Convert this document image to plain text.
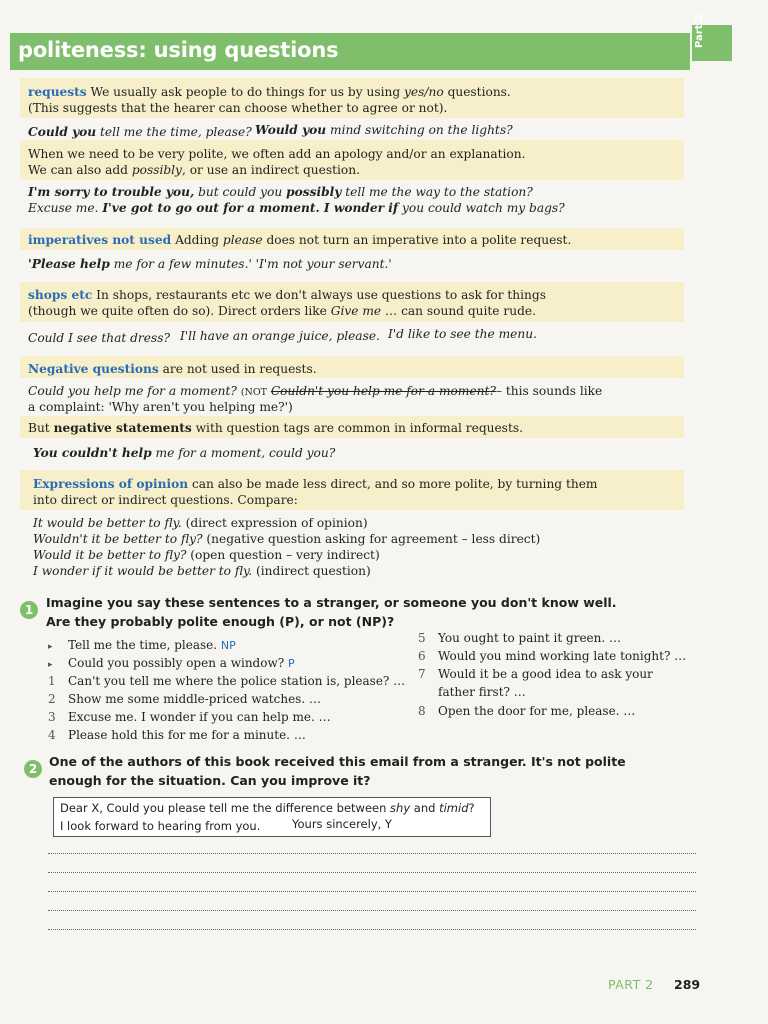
politeness: using questions
Part 2
requests We usually ask people to do things for us by using yes/no questions.
(This suggests that the hearer can choose whether to agree or not).
Could you tell me the time, please? Would you mind switching on the lights?
When we need to be very polite, we often add an apology and/or an explanation.
We can also add possibly, or use an indirect question.
I'm sorry to trouble you, but could you possibly tell me the way to the station?
Excuse me. I've got to go out for a moment. I wonder if you could watch my bags?
imperatives not used Adding please does not turn an imperative into a polite request.
'Please help me for a few minutes.' 'I'm not your servant.'
shops etc In shops, restaurants etc we don't always use questions to ask for things
(though we quite often do so). Direct orders like Give me … can sound quite rude.
Could I see that dress? I'll have an orange juice, please. I'd like to see the menu.
Negative questions are not used in requests.
Could you help me for a moment? (NOT Couldn't you help me for a moment?– this sounds like
a complaint: 'Why aren't you helping me?')
But negative statements with question tags are common in informal requests.
You couldn't help me for a moment, could you?
Expressions of opinion can also be made less direct, and so more polite, by turning them
into direct or indirect questions. Compare:
It would be better to fly. (direct expression of opinion)
Wouldn't it be better to fly? (negative question asking for agreement – less direct)
Would it be better to fly? (open question – very indirect)
I wonder if it would be better to fly. (indirect question)
1	Imagine you say these sentences to a stranger, or someone you don't know well.
Are they probably polite enough (P), or not (NP)?
▸ Tell me the time, please. NP
▸ Could you possibly open a window? P
1 Can't you tell me where the police station is, please? …
2 Show me some middle-priced watches. …
3 Excuse me. I wonder if you can help me. …
4 Please hold this for me for a minute. …
5 You ought to paint it green. …
6 Would you mind working late tonight? …
7 Would it be a good idea to ask your
father first? …
8 Open the door for me, please. …
2 One of the authors of this book received this email from a stranger. It's not polite
enough for the situation. Can you improve it?
Dear X, Could you please tell me the difference between shy and timid?
I look forward to hearing from you.	Yours sincerely, Y
PART 2 289
